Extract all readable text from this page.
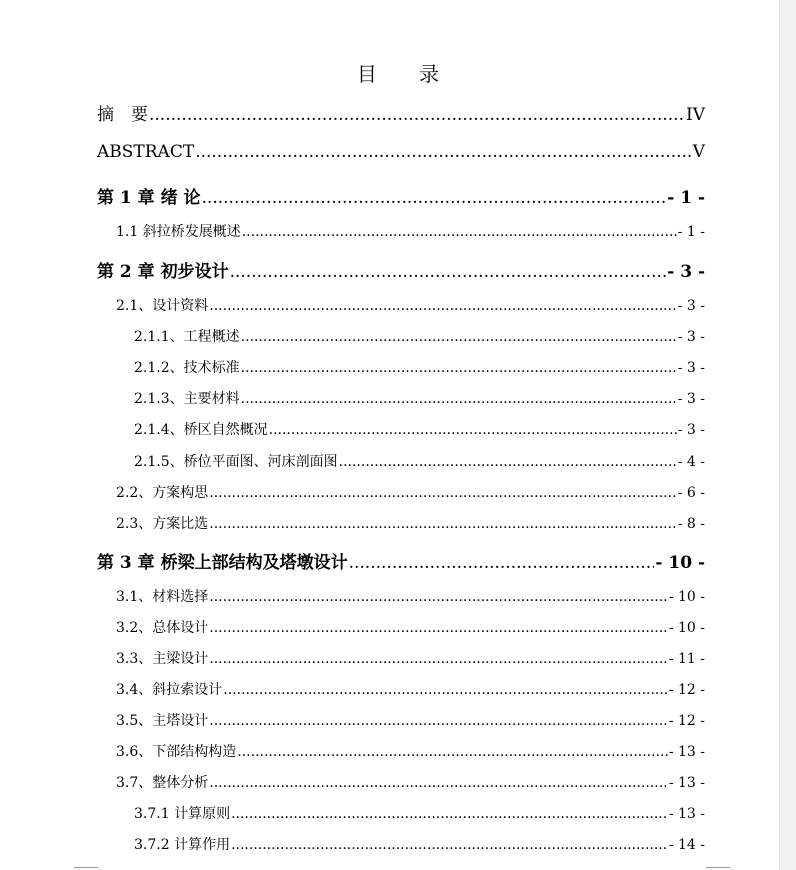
目 录
摘　要 .....	IV
ABSTRACT .....	V
第 1 章 绪 论 .....	- 1 -
1.1 斜拉桥发展概述 .....	- 1 -
第 2 章 初步设计 .....	- 3 -
2.1、设计资料 .....	- 3 -
2.1.1、工程概述 .....	- 3 -
2.1.2、技术标准 .....	- 3 -
2.1.3、主要材料 .....	- 3 -
2.1.4、桥区自然概况 .....	- 3 -
2.1.5、桥位平面图、河床剖面图 .....	- 4 -
2.2、方案构思 .....	- 6 -
2.3、方案比选 .....	- 8 -
第 3 章 桥梁上部结构及塔墩设计 .....	- 10 -
3.1、材料选择 .....	- 10 -
3.2、总体设计 .....	- 10 -
3.3、主梁设计 .....	- 11 -
3.4、斜拉索设计 .....	- 12 -
3.5、主塔设计 .....	- 12 -
3.6、下部结构构造 .....	- 13 -
3.7、整体分析 .....	- 13 -
3.7.1 计算原则 .....	- 13 -
3.7.2 计算作用 .....	- 14 -
